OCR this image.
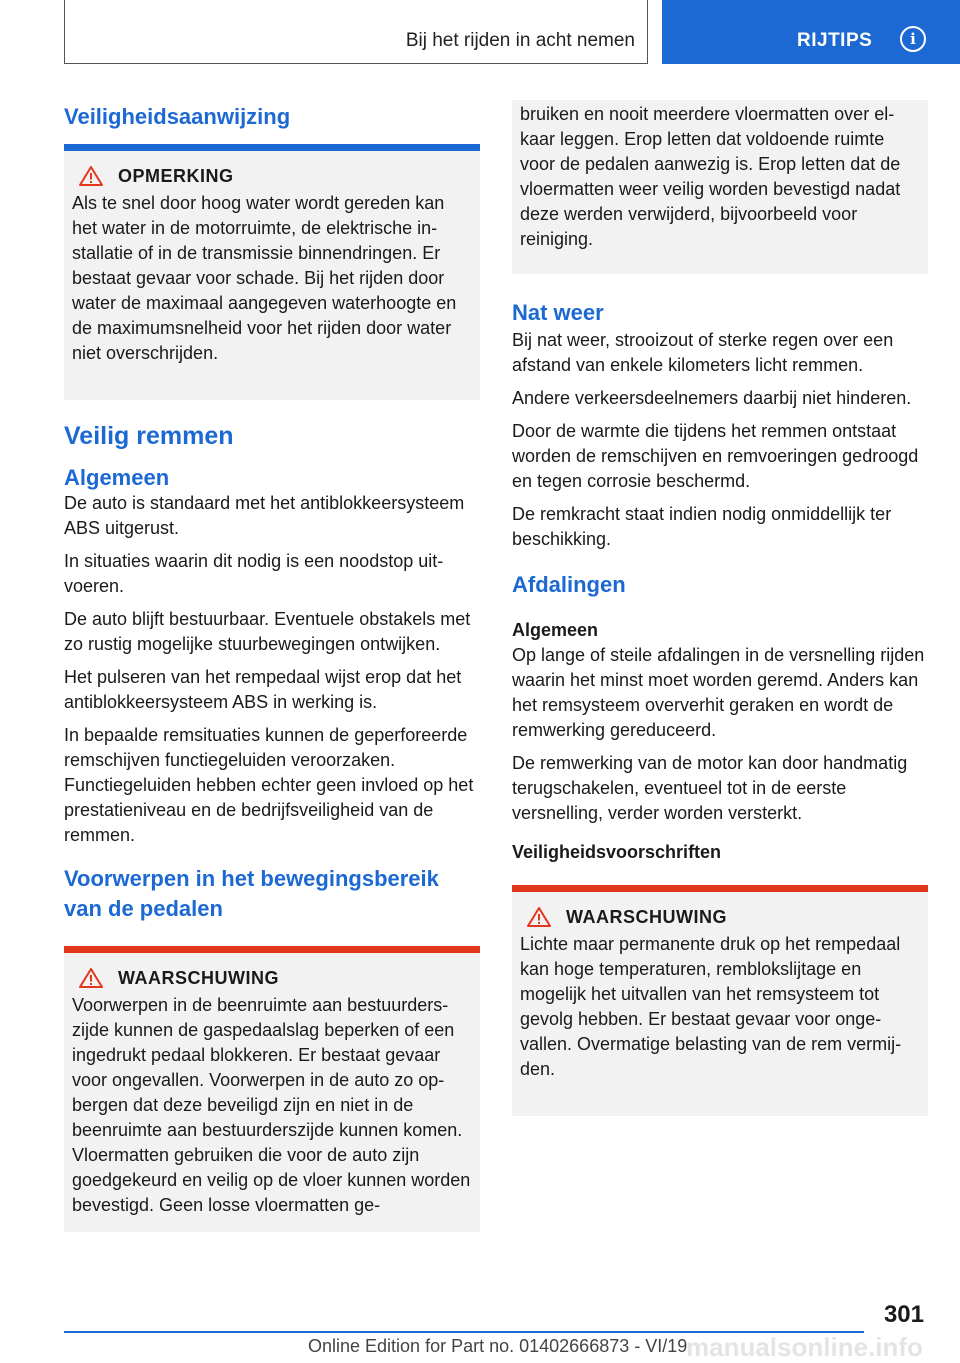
Bij het rijden in acht nemen	RIJTIPS	i
Veiligheidsaanwijzing
OPMERKING

Als te snel door hoog water wordt gereden kan het water in de motorruimte, de elektrische installatie of in de transmissie binnendringen. Er bestaat gevaar voor schade. Bij het rijden door water de maximaal aangegeven waterhoogte en de maximumsnelheid voor het rijden door water niet overschrijden.

Veilig remmen
Algemeen

De auto is standaard met het antiblokkeersysteem ABS uitgerust.

In situaties waarin dit nodig is een noodstop uitvoeren.

De auto blijft bestuurbaar. Eventuele obstakels met zo rustig mogelijke stuurbewegingen ontwijken.

Het pulseren van het rempedaal wijst erop dat het antiblokkeersysteem ABS in werking is.

In bepaalde remsituaties kunnen de geperforeerde remschijven functiegeluiden veroorzaken. Functiegeluiden hebben echter geen invloed op het prestatieniveau en de bedrijfsveiligheid van de remmen.

Voorwerpen in het bewegingsbereik van de pedalen
WAARSCHUWING

Voorwerpen in de beenruimte aan bestuurderszijde kunnen de gaspedaalslag beperken of een ingedrukt pedaal blokkeren. Er bestaat gevaar voor ongevallen. Voorwerpen in de auto zo opbergen dat deze beveiligd zijn en niet in de beenruimte aan bestuurderszijde kunnen komen. Vloermatten gebruiken die voor de auto zijn goedgekeurd en veilig op de vloer kunnen worden bevestigd. Geen losse vloermatten ge-

bruiken en nooit meerdere vloermatten over elkaar leggen. Erop letten dat voldoende ruimte voor de pedalen aanwezig is. Erop letten dat de vloermatten weer veilig worden bevestigd nadat deze werden verwijderd, bijvoorbeeld voor reiniging.

Nat weer

Bij nat weer, strooizout of sterke regen over een afstand van enkele kilometers licht remmen.

Andere verkeersdeelnemers daarbij niet hinderen.

Door de warmte die tijdens het remmen ontstaat worden de remschijven en remvoeringen gedroogd en tegen corrosie beschermd.

De remkracht staat indien nodig onmiddellijk ter beschikking.

Afdalingen
Algemeen

Op lange of steile afdalingen in de versnelling rijden waarin het minst moet worden geremd. Anders kan het remsysteem oververhit geraken en wordt de remwerking gereduceerd.

De remwerking van de motor kan door handmatig terugschakelen, eventueel tot in de eerste versnelling, verder worden versterkt.

Veiligheidsvoorschriften
WAARSCHUWING

Lichte maar permanente druk op het rempedaal kan hoge temperaturen, remblokslijtage en mogelijk het uitvallen van het remsysteem tot gevolg hebben. Er bestaat gevaar voor ongevallen. Overmatige belasting van de rem vermijden.

301
Online Edition for Part no. 01402666873 - VI/19
manualsonline.info
